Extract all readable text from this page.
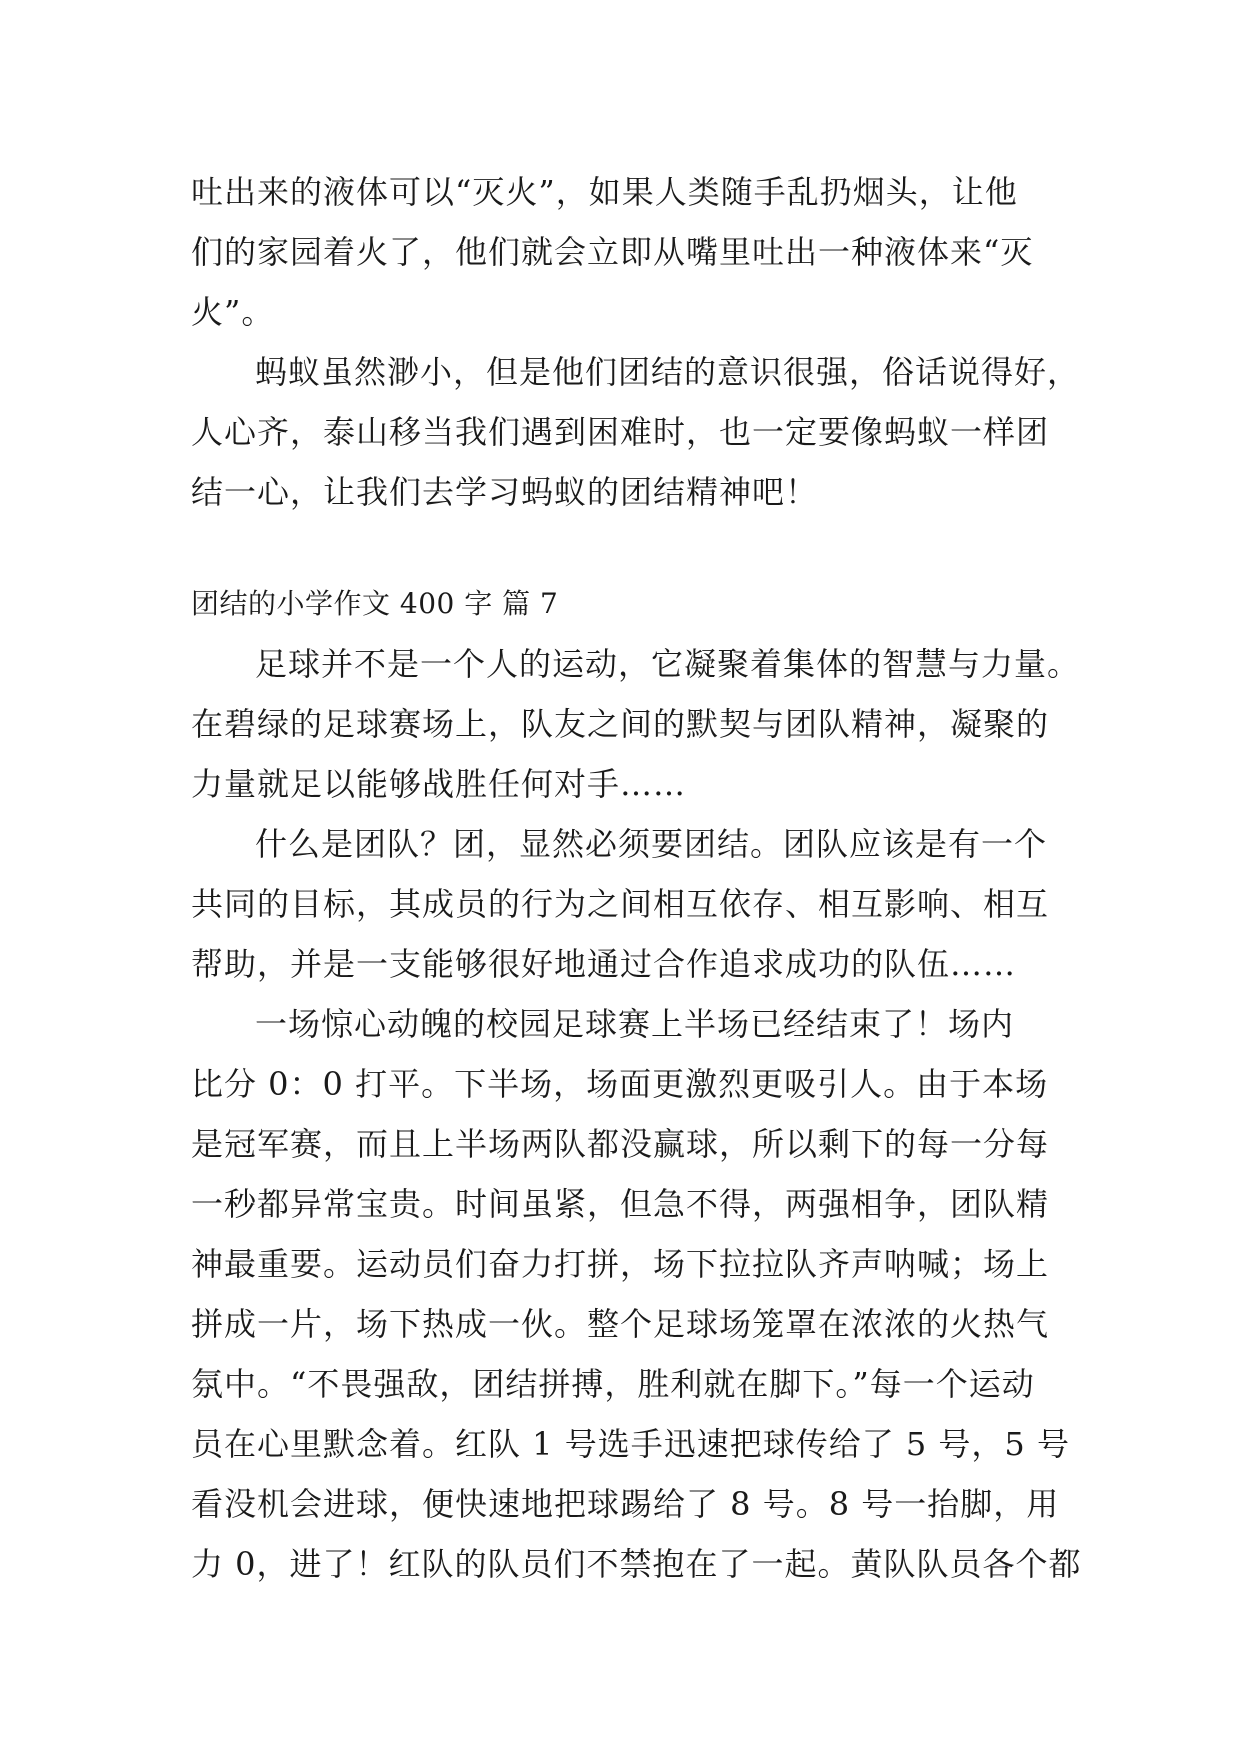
吐出来的液体可以“灭火”，如果人类随手乱扔烟头，让他
们的家园着火了，他们就会立即从嘴里吐出一种液体来“灭
火”。

蚂蚁虽然渺小，但是他们团结的意识很强，俗话说得好，
人心齐，泰山移当我们遇到困难时，也一定要像蚂蚁一样团
结一心，让我们去学习蚂蚁的团结精神吧！

团结的小学作文 400 字 篇 7

足球并不是一个人的运动，它凝聚着集体的智慧与力量。
在碧绿的足球赛场上，队友之间的默契与团队精神，凝聚的
力量就足以能够战胜任何对手……

什么是团队？团，显然必须要团结。团队应该是有一个
共同的目标，其成员的行为之间相互依存、相互影响、相互
帮助，并是一支能够很好地通过合作追求成功的队伍……

一场惊心动魄的校园足球赛上半场已经结束了！场内
比分 0：0 打平。下半场，场面更激烈更吸引人。由于本场
是冠军赛，而且上半场两队都没赢球，所以剩下的每一分每
一秒都异常宝贵。时间虽紧，但急不得，两强相争，团队精
神最重要。运动员们奋力打拼，场下拉拉队齐声呐喊；场上
拼成一片，场下热成一伙。整个足球场笼罩在浓浓的火热气
氛中。“不畏强敌，团结拼搏，胜利就在脚下。”每一个运动
员在心里默念着。红队 1 号选手迅速把球传给了 5 号，5 号
看没机会进球，便快速地把球踢给了 8 号。8 号一抬脚，用
力 0，进了！红队的队员们不禁抱在了一起。黄队队员各个都
